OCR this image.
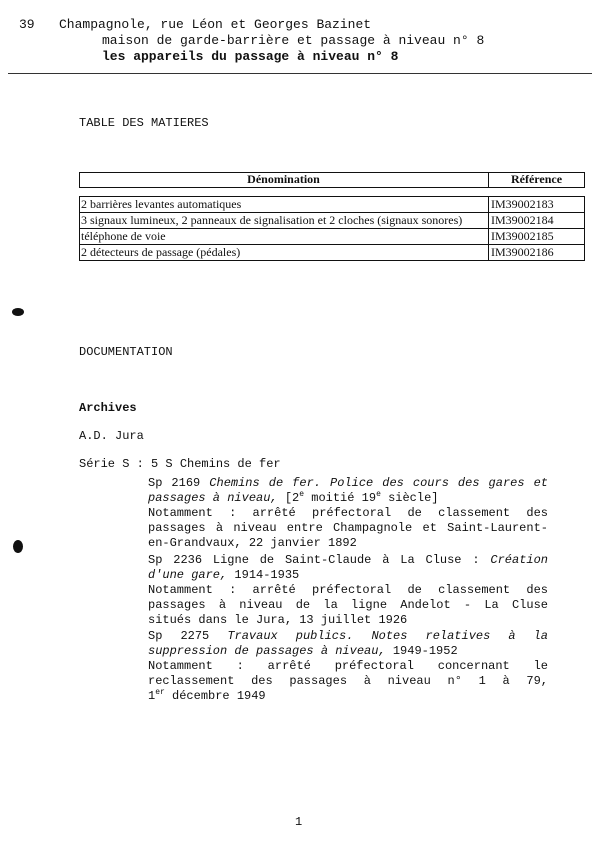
39 Champagnole, rue Léon et Georges Bazinet
maison de garde-barrière et passage à niveau n° 8
les appareils du passage à niveau n° 8
TABLE DES MATIERES
Dénomination	Référence
2 barrières levantes automatiques	IM39002183
3 signaux lumineux, 2 panneaux de signalisation et 2 cloches (signaux sonores)	IM39002184
téléphone de voie	IM39002185
2 détecteurs de passage (pédales)	IM39002186
DOCUMENTATION
Archives
A.D. Jura
Série S : 5 S Chemins de fer
Sp 2169 Chemins de fer. Police des cours des gares et
passages à niveau, [2e moitié 19e siècle]
Notamment : arrêté préfectoral de classement des
passages à niveau entre Champagnole et Saint-Laurent-
en-Grandvaux, 22 janvier 1892
Sp 2236 Ligne de Saint-Claude à La Cluse : Création
d'une gare, 1914-1935
Notamment : arrêté préfectoral de classement des
passages à niveau de la ligne Andelot - La Cluse
situés dans le Jura, 13 juillet 1926
Sp 2275 Travaux publics. Notes relatives à la
suppression de passages à niveau, 1949-1952
Notamment : arrêté préfectoral concernant le
reclassement des passages à niveau n° 1 à 79,
1er décembre 1949
1
